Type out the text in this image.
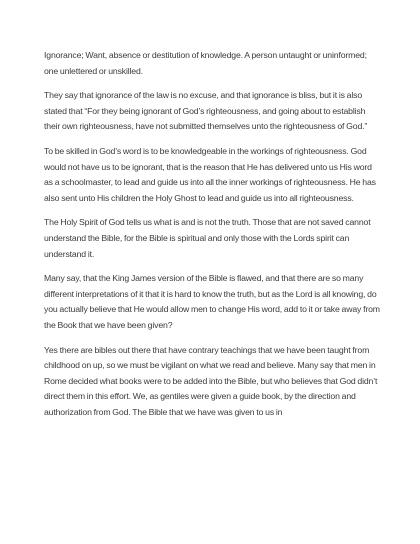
Ignorance; Want, absence or destitution of knowledge. A person untaught or uninformed; one unlettered or unskilled.

They say that ignorance of the law is no excuse, and that ignorance is bliss, but it is also stated that “For they being ignorant of God’s righteousness, and going about to establish their own righteousness, have not submitted themselves unto the righteousness of God.”

To be skilled in God’s word is to be knowledgeable in the workings of righteousness. God would not have us to be ignorant, that is the reason that He has delivered unto us His word as a schoolmaster, to lead and guide us into all the inner workings of righteousness. He has also sent unto His children the Holy Ghost to lead and guide us into all righteousness.

The Holy Spirit of God tells us what is and is not the truth. Those that are not saved cannot understand the Bible, for the Bible is spiritual and only those with the Lords spirit can understand it.

Many say, that the King James version of the Bible is flawed, and that there are so many different interpretations of it that it is hard to know the truth, but as the Lord is all knowing, do you actually believe that He would allow men to change His word, add to it or take away from the Book that we have been given?

Yes there are bibles out there that have contrary teachings that we have been taught from childhood on up, so we must be vigilant on what we read and believe. Many say that men in Rome decided what books were to be added into the Bible, but who believes that God didn’t direct them in this effort. We, as gentiles were given a guide book, by the direction and authorization from God. The Bible that we have was given to us in
